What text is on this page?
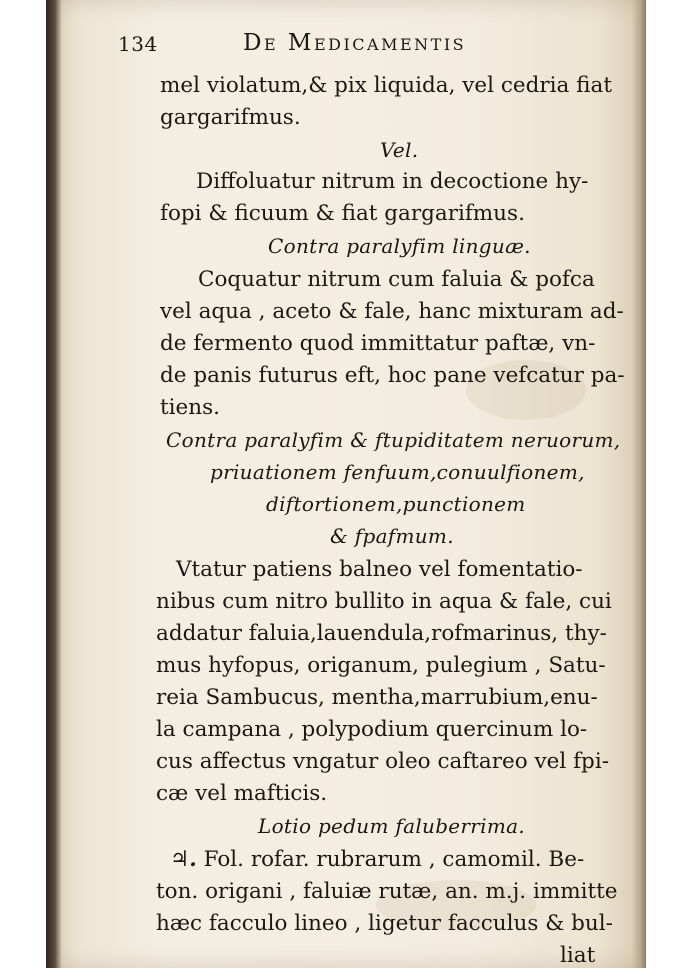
134	De Medicamentis
mel violatum,& pix liquida, vel cedria fiat
gargarifmus.
Vel.
Diffoluatur nitrum in decoctione hy-
fopi & ficuum & fiat gargarifmus.
Contra paralyfim linguæ.
Coquatur nitrum cum faluia & pofca
vel aqua , aceto & fale, hanc mixturam ad-
de fermento quod immittatur paftæ, vn-
de panis futurus eft, hoc pane vefcatur pa-
tiens.
Contra paralyfim & ftupiditatem neruorum,
priuationem fenfuum,conuulfionem,
diftortionem,punctionem
& fpafmum.
Vtatur patiens balneo vel fomentatio-
nibus cum nitro bullito in aqua & fale, cui
addatur faluia,lauendula,rofmarinus, thy-
mus hyfopus, origanum, pulegium , Satu-
reia Sambucus, mentha,marrubium,enu-
la campana , polypodium quercinum lo-
cus affectus vngatur oleo caftareo vel fpi-
cæ vel mafticis.
Lotio pedum faluberrima.
♃. Fol. rofar. rubrarum , camomil. Be-
ton. origani , faluiæ rutæ, an. m.j. immitte
hæc facculo lineo , ligetur facculus & bul-
liat
